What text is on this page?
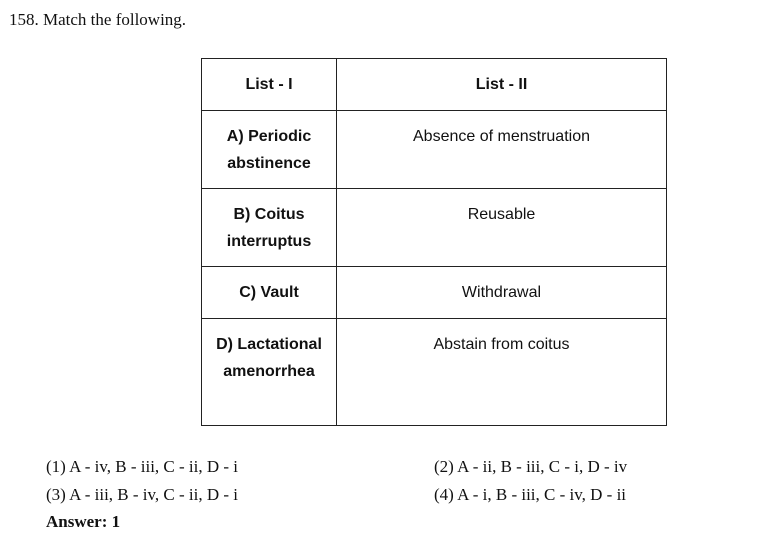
158. Match the following.
List - I	List - II
A) Periodic abstinence	Absence of menstruation
B) Coitus interruptus	Reusable
C) Vault	Withdrawal
D) Lactational amenorrhea	Abstain from coitus
(1) A - iv, B - iii, C - ii, D - i	(2) A - ii, B - iii, C - i, D - iv
(3) A - iii, B - iv, C - ii, D - i	(4) A - i, B - iii, C - iv, D - ii
Answer: 1
